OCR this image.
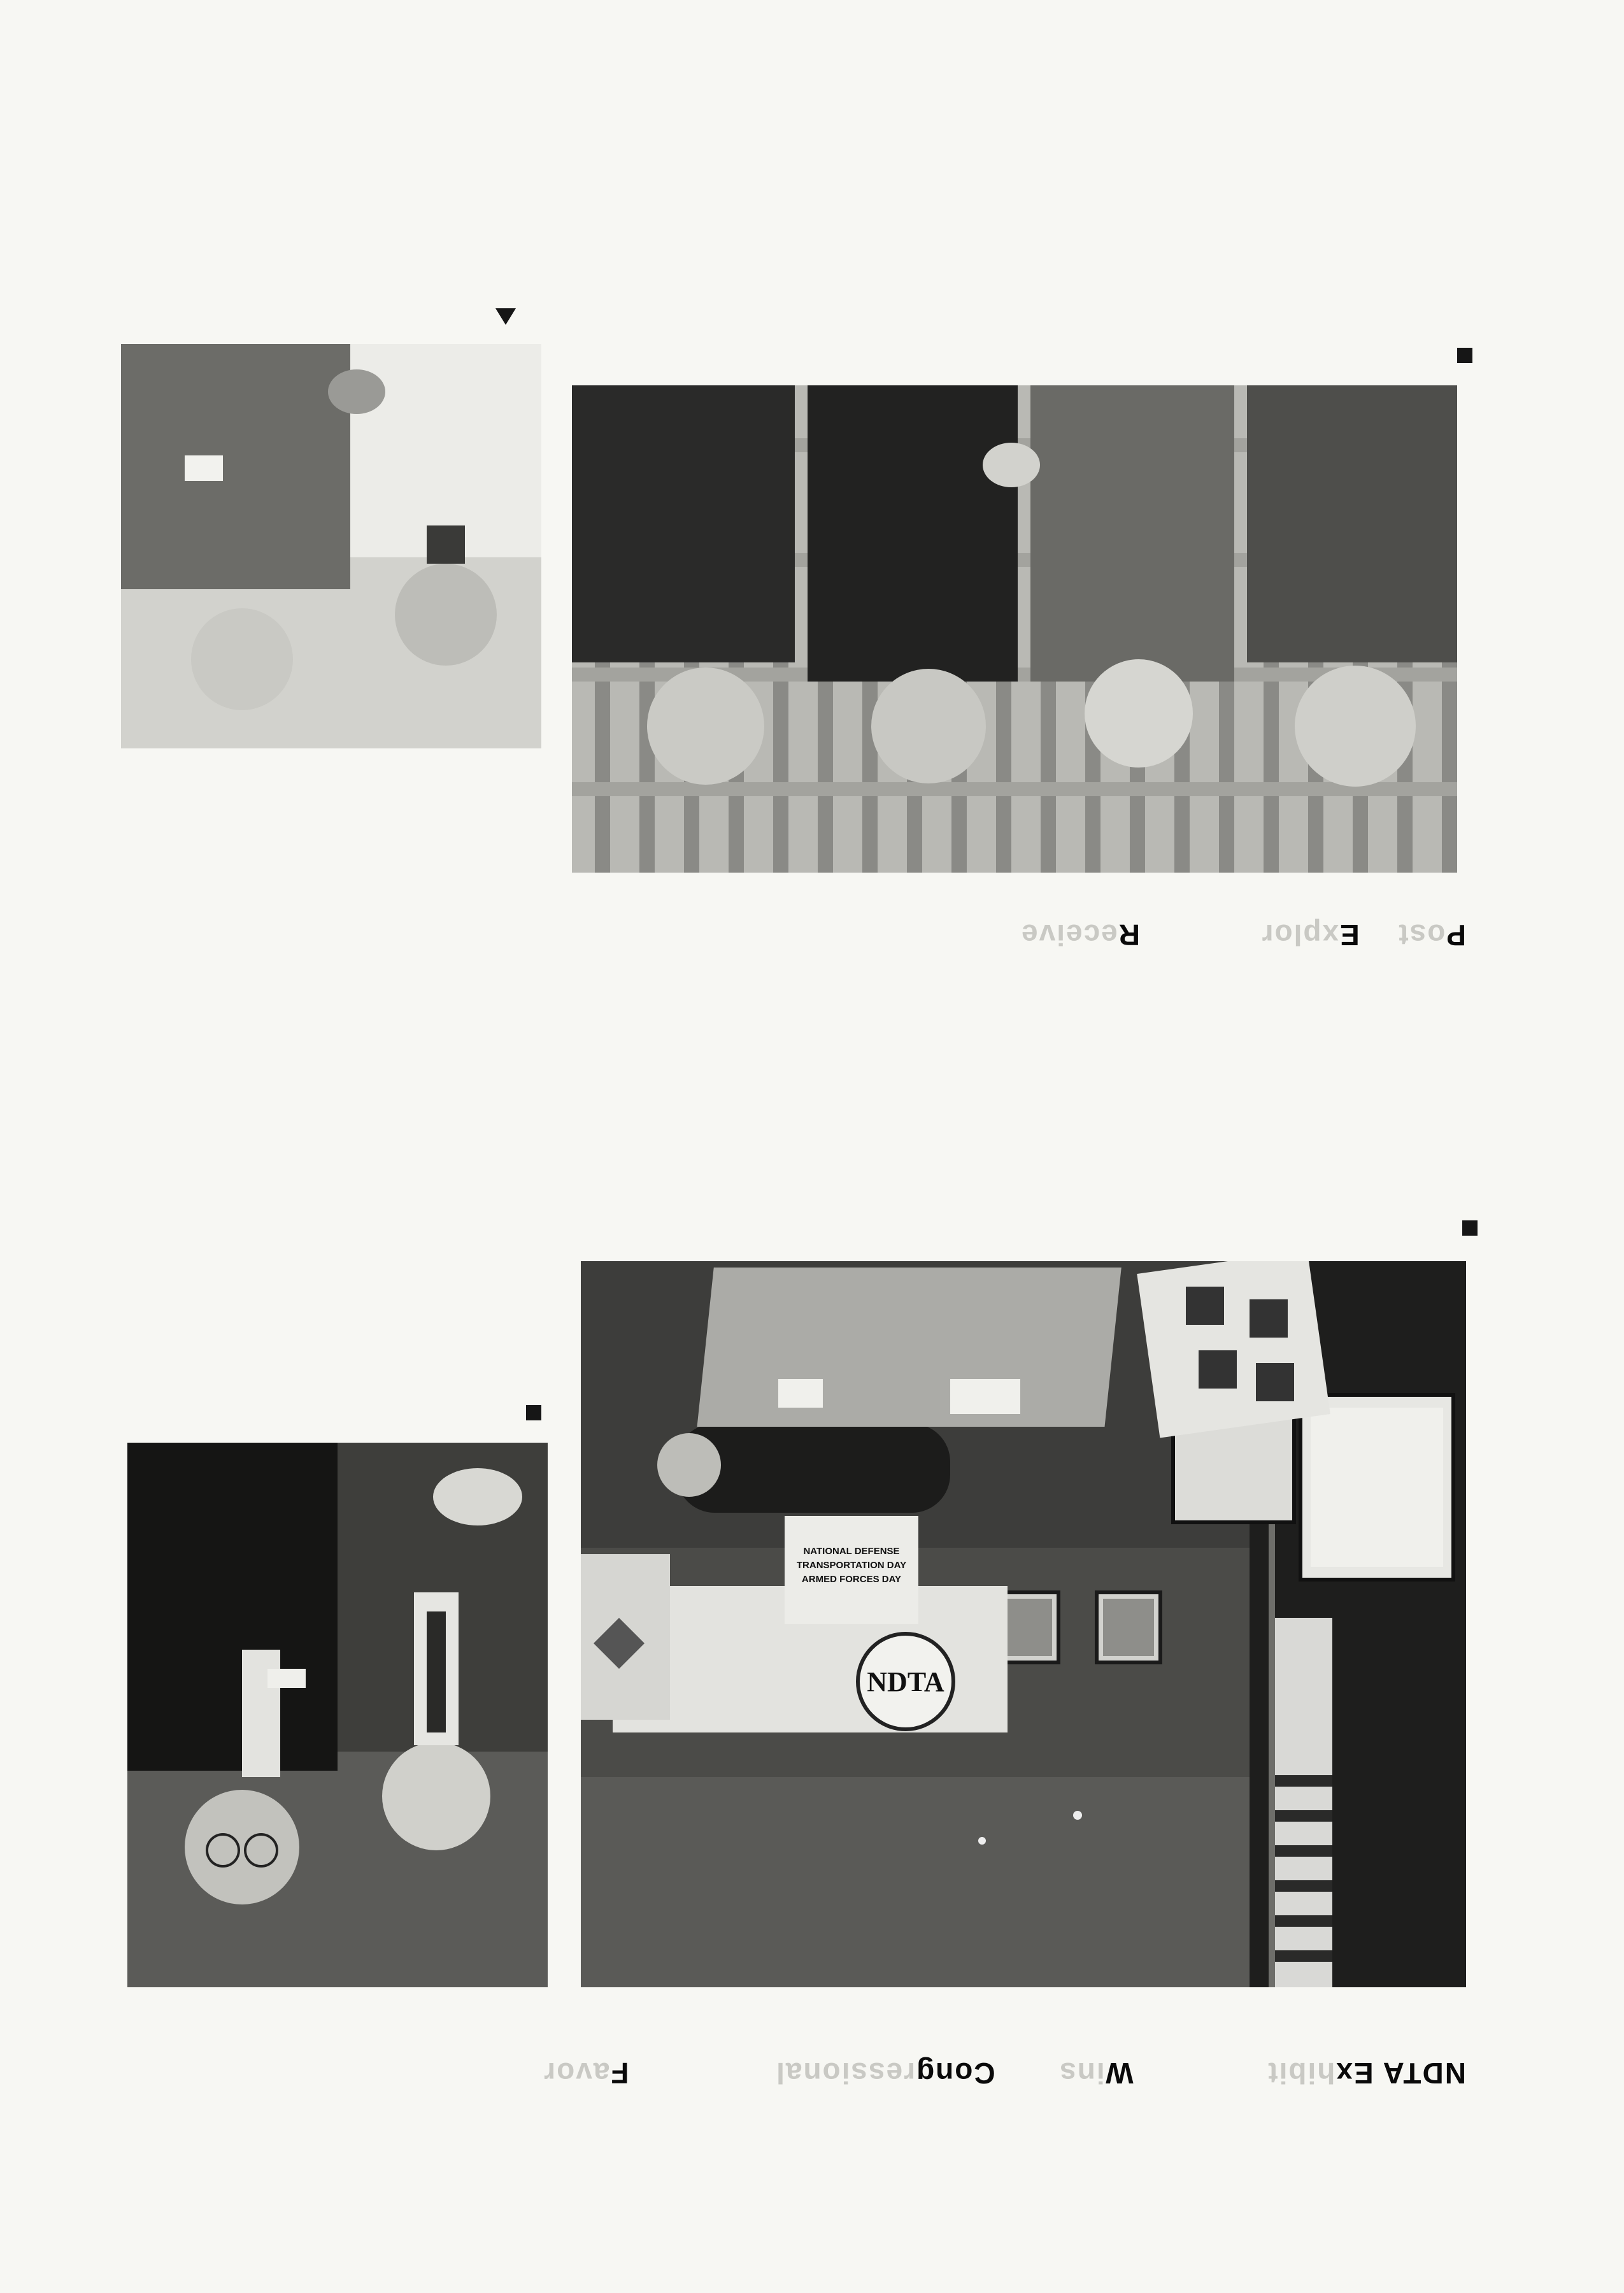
NDTA Exhibit  Wins  Congressional  Favor
NDTA
NATIONAL DEFENSE
TRANSPORTATION DAY
ARMED FORCES DAY
Post  Explor  Receive
